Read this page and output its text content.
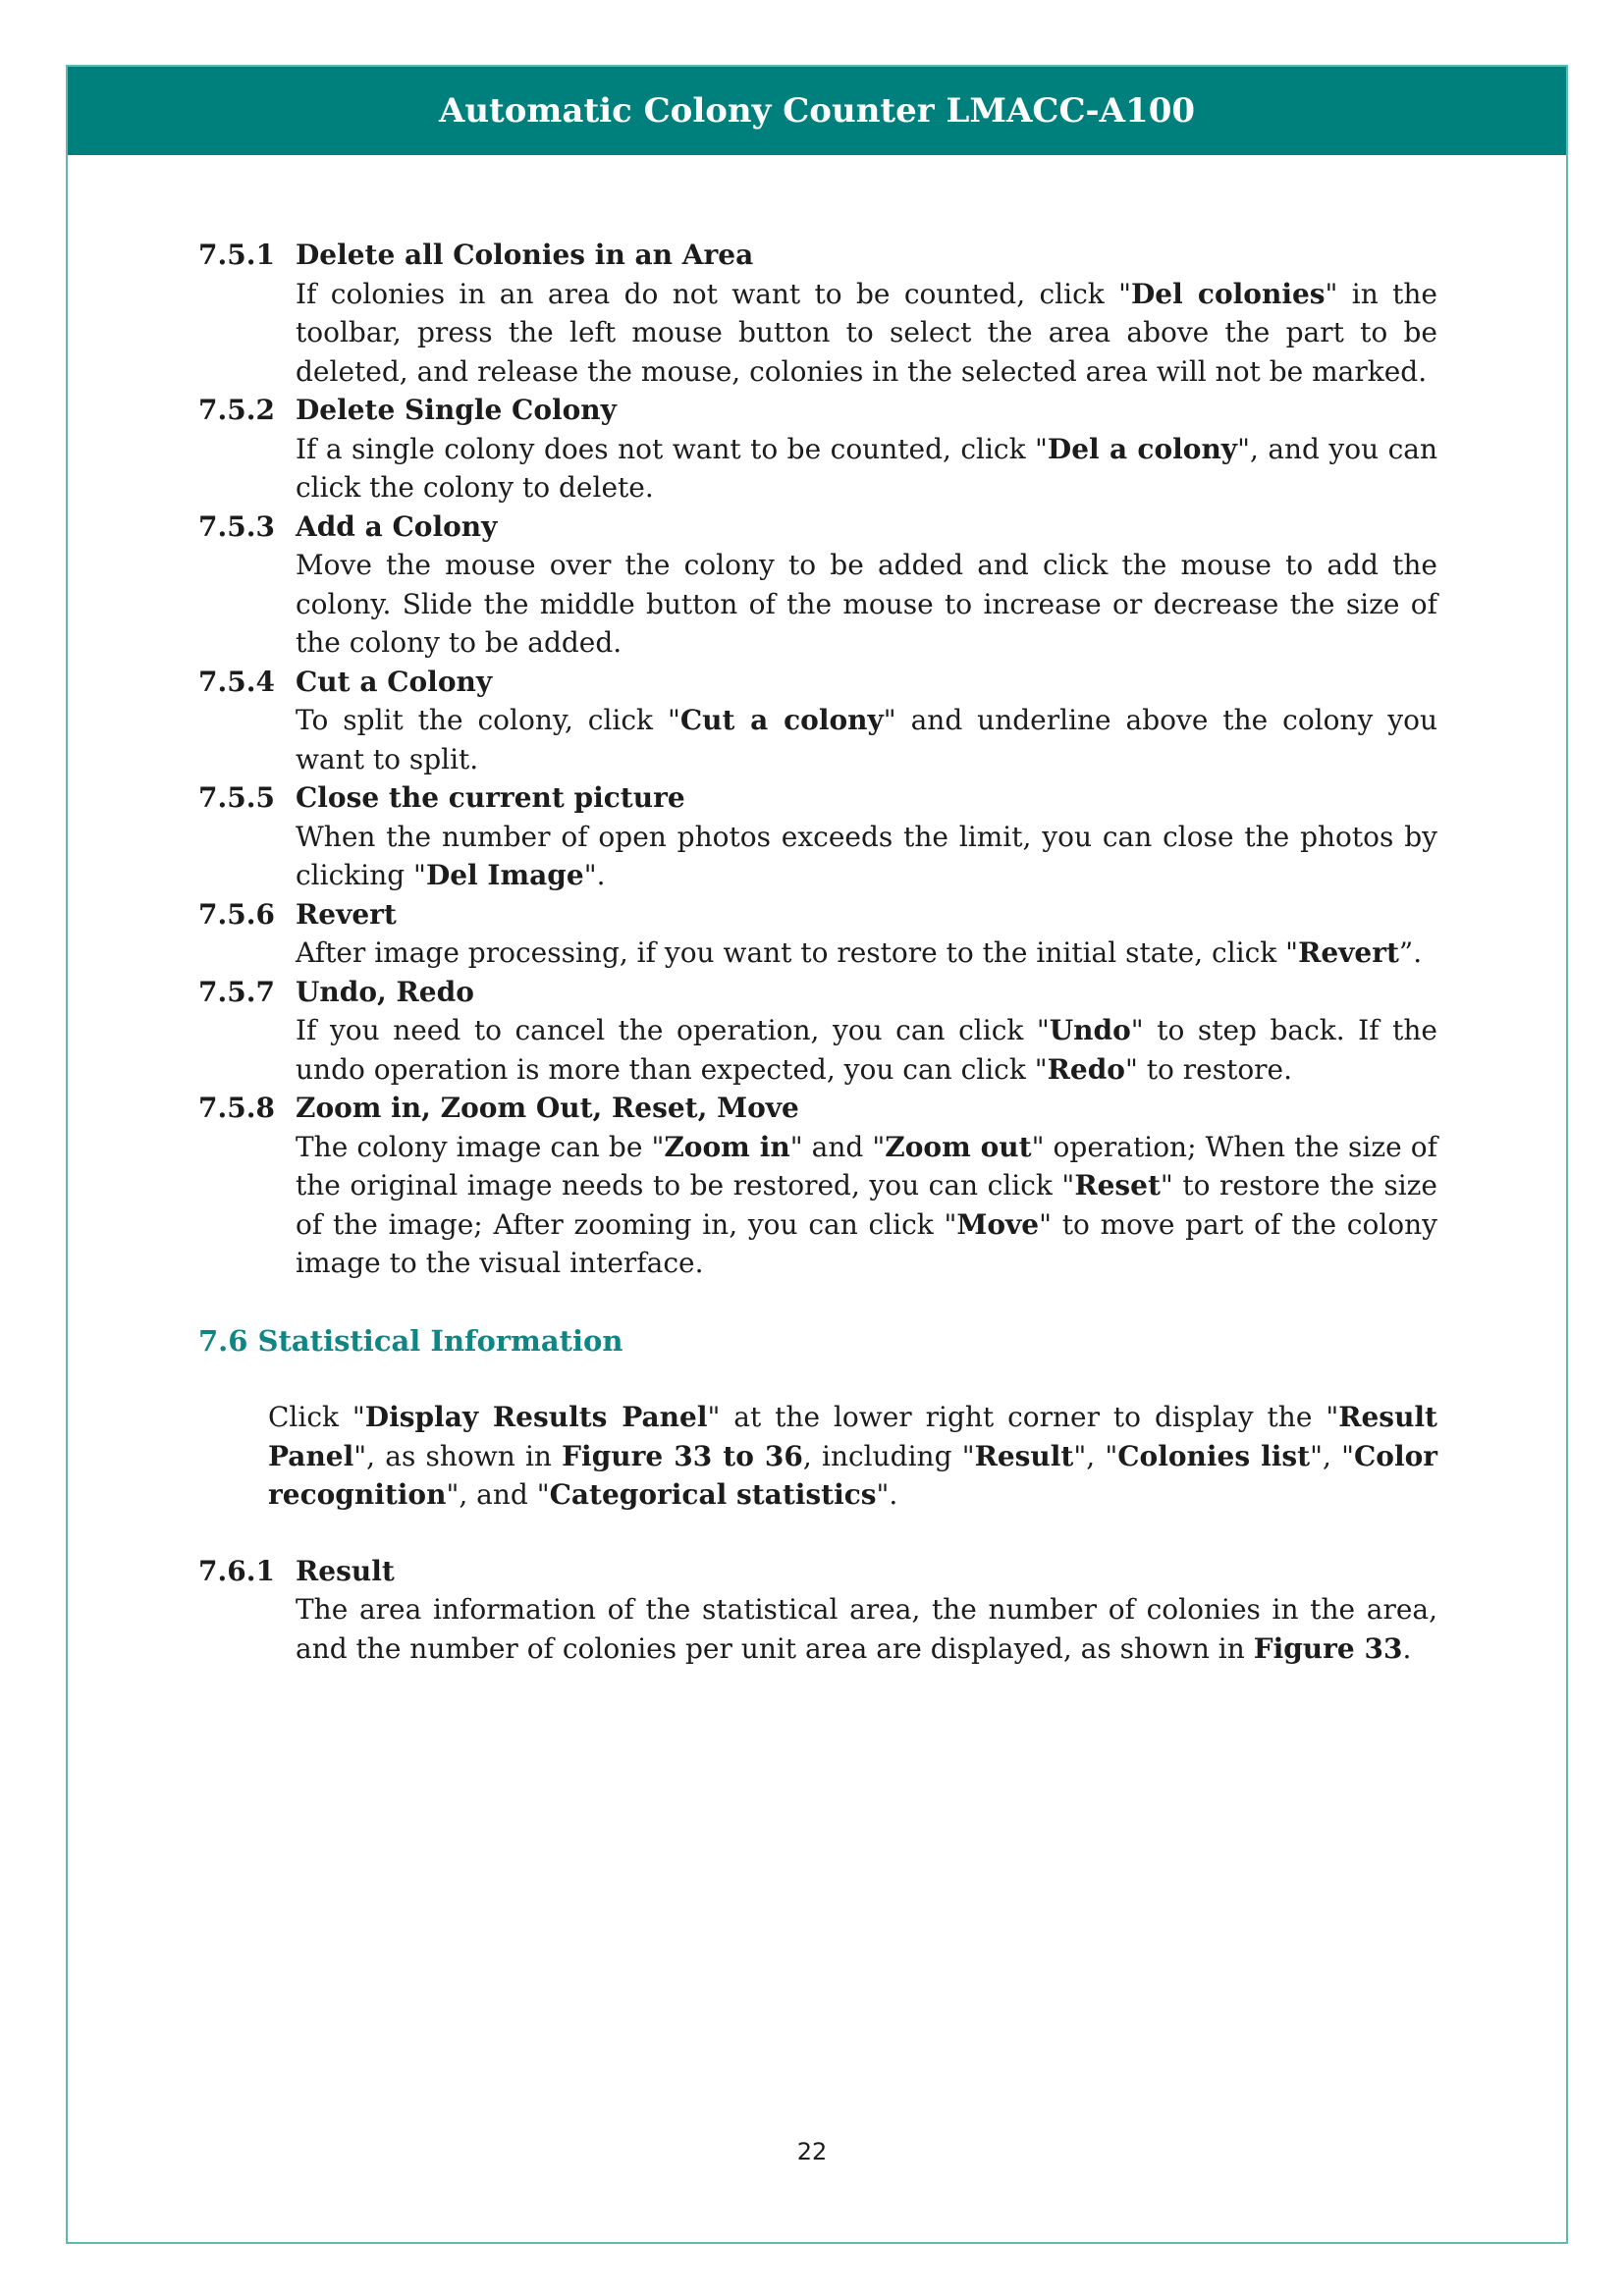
Automatic Colony Counter LMACC-A100
7.5.1 Delete all Colonies in an Area

If colonies in an area do not want to be counted, click "Del colonies" in the toolbar, press the left mouse button to select the area above the part to be deleted, and release the mouse, colonies in the selected area will not be marked.

7.5.2 Delete Single Colony

If a single colony does not want to be counted, click "Del a colony", and you can click the colony to delete.

7.5.3 Add a Colony

Move the mouse over the colony to be added and click the mouse to add the colony. Slide the middle button of the mouse to increase or decrease the size of the colony to be added.

7.5.4 Cut a Colony

To split the colony, click "Cut a colony" and underline above the colony you want to split.

7.5.5 Close the current picture

When the number of open photos exceeds the limit, you can close the photos by clicking "Del Image".

7.5.6 Revert

After image processing, if you want to restore to the initial state, click "Revert”.

7.5.7 Undo, Redo

If you need to cancel the operation, you can click "Undo" to step back. If the undo operation is more than expected, you can click "Redo" to restore.

7.5.8 Zoom in, Zoom Out, Reset, Move

The colony image can be "Zoom in" and "Zoom out" operation; When the size of the original image needs to be restored, you can click "Reset" to restore the size of the image; After zooming in, you can click "Move" to move part of the colony image to the visual interface.

7.6 Statistical Information

Click "Display Results Panel" at the lower right corner to display the "Result Panel", as shown in Figure 33 to 36, including "Result", "Colonies list", "Color recognition", and "Categorical statistics".

7.6.1 Result

The area information of the statistical area, the number of colonies in the area, and the number of colonies per unit area are displayed, as shown in Figure 33.

22
